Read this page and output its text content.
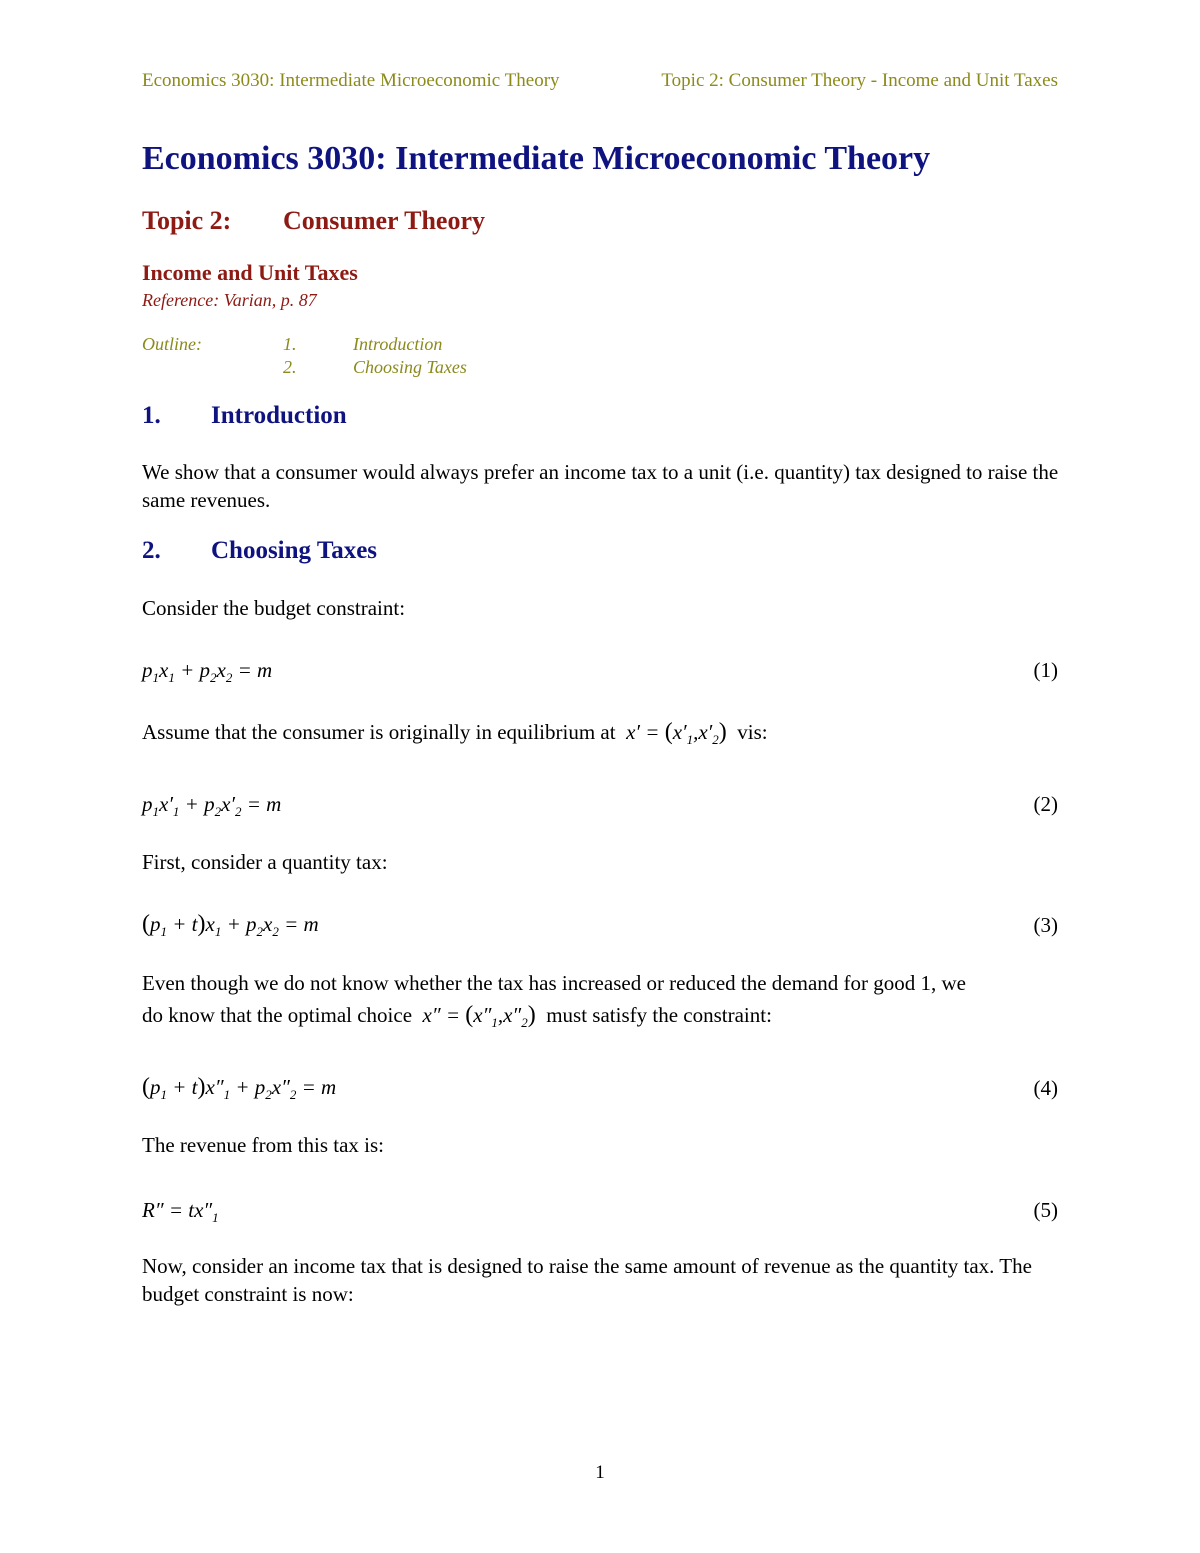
Economics 3030: Intermediate Microeconomic Theory	Topic 2: Consumer Theory - Income and Unit Taxes
Economics 3030: Intermediate Microeconomic Theory
Topic 2: Consumer Theory
Income and Unit Taxes
Reference: Varian, p. 87
Outline:	1.	Introduction
2.	Choosing Taxes
1. Introduction
We show that a consumer would always prefer an income tax to a unit (i.e. quantity) tax designed to raise the same revenues.
2. Choosing Taxes
Consider the budget constraint:
$p_1x_1 + p_2x_2 = m$	(1)
Assume that the consumer is originally in equilibrium at  $x' = (x'_1,x'_2)$ vis:
$p_1x'_1 + p_2x'_2 = m$	(2)
First, consider a quantity tax:
$(p_1 + t)x_1 + p_2x_2 = m$	(3)
Even though we do not know whether the tax has increased or reduced the demand for good 1, we
do know that the optimal choice  $x'' = (x''_1,x''_2)$ must satisfy the constraint:
$(p_1 + t)x''_1 + p_2x''_2 = m$	(4)
The revenue from this tax is:
$R'' = tx''_1$	(5)
Now, consider an income tax that is designed to raise the same amount of revenue as the quantity tax. The budget constraint is now:
1
